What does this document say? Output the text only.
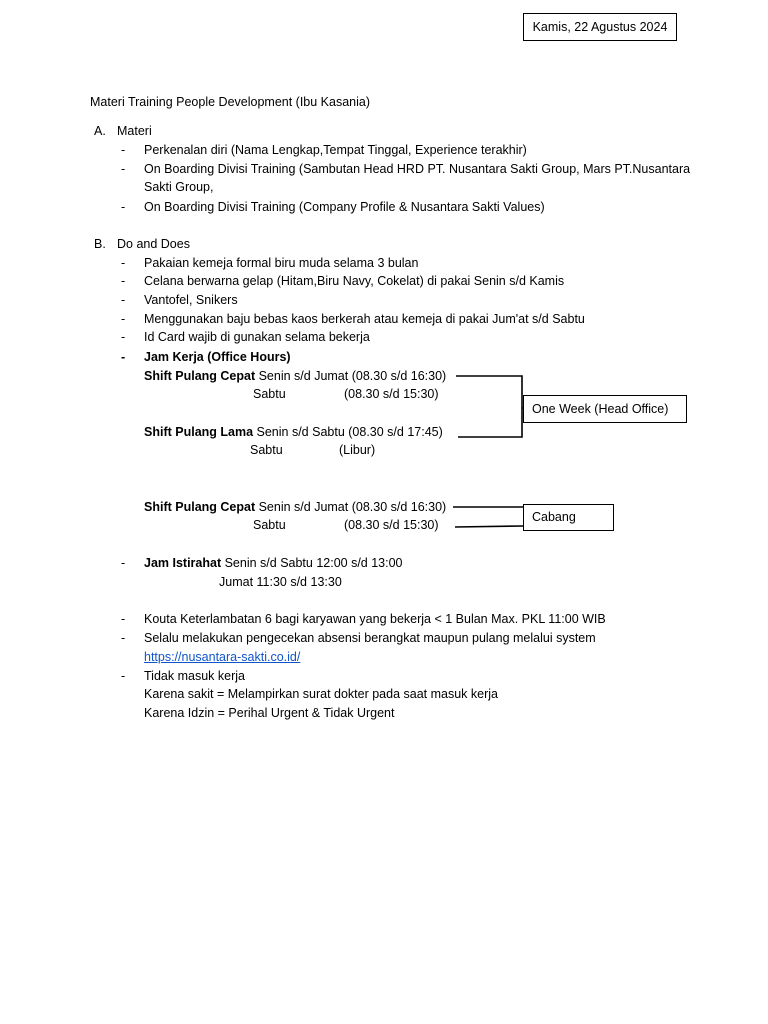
Kamis, 22 Agustus 2024
Materi Training People Development (Ibu Kasania)
A. Materi
- Perkenalan diri (Nama Lengkap,Tempat Tinggal, Experience terakhir)
- On Boarding Divisi Training (Sambutan Head HRD PT. Nusantara Sakti Group, Mars PT.Nusantara
Sakti Group,
- On Boarding Divisi Training (Company Profile & Nusantara Sakti Values)
B. Do and Does
- Pakaian kemeja formal biru muda selama 3 bulan
- Celana berwarna gelap (Hitam,Biru Navy, Cokelat) di pakai Senin s/d Kamis
- Vantofel, Snikers
- Menggunakan baju bebas kaos berkerah atau kemeja di pakai Jum'at s/d Sabtu
- Id Card wajib di gunakan selama bekerja
- Jam Kerja (Office Hours)
Shift Pulang Cepat Senin s/d Jumat (08.30 s/d 16:30)
Sabtu	(08.30 s/d 15:30)
Shift Pulang Lama Senin s/d Sabtu (08.30 s/d 17:45)
Sabtu	(Libur)
One Week (Head Office)
Shift Pulang Cepat Senin s/d Jumat (08.30 s/d 16:30)
Sabtu	(08.30 s/d 15:30)
Cabang
- Jam Istirahat Senin s/d Sabtu 12:00 s/d 13:00
Jumat 11:30 s/d 13:30
- Kouta Keterlambatan 6 bagi karyawan yang bekerja < 1 Bulan Max. PKL 11:00 WIB
- Selalu melakukan pengecekan absensi berangkat maupun pulang melalui system
https://nusantara-sakti.co.id/
- Tidak masuk kerja
Karena sakit = Melampirkan surat dokter pada saat masuk kerja
Karena Idzin = Perihal Urgent & Tidak Urgent
